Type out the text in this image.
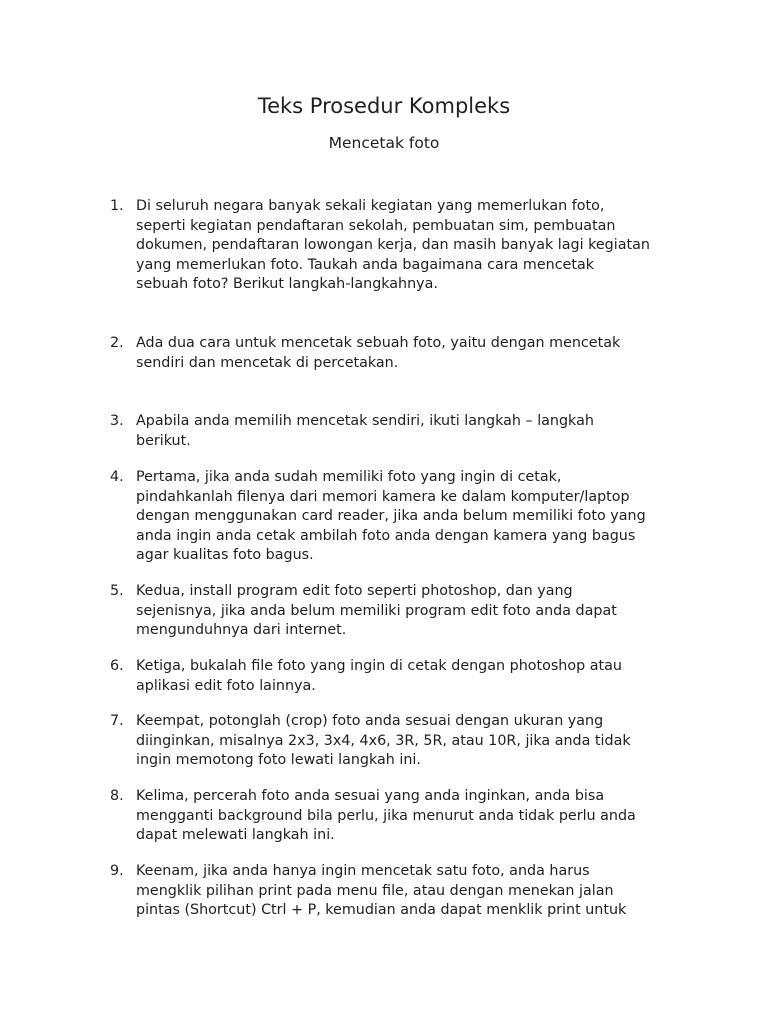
Teks Prosedur Kompleks
Mencetak foto
1. Di seluruh negara banyak sekali kegiatan yang memerlukan foto,
seperti kegiatan pendaftaran sekolah, pembuatan sim, pembuatan
dokumen, pendaftaran lowongan kerja, dan masih banyak lagi kegiatan
yang memerlukan foto. Taukah anda bagaimana cara mencetak
sebuah foto? Berikut langkah-langkahnya.
2. Ada dua cara untuk mencetak sebuah foto, yaitu dengan mencetak
sendiri dan mencetak di percetakan.
3. Apabila anda memilih mencetak sendiri, ikuti langkah – langkah
berikut.
4. Pertama, jika anda sudah memiliki foto yang ingin di cetak,
pindahkanlah filenya dari memori kamera ke dalam komputer/laptop
dengan menggunakan card reader, jika anda belum memiliki foto yang
anda ingin anda cetak ambilah foto anda dengan kamera yang bagus
agar kualitas foto bagus.
5. Kedua, install program edit foto seperti photoshop, dan yang
sejenisnya, jika anda belum memiliki program edit foto anda dapat
mengunduhnya dari internet.
6. Ketiga, bukalah file foto yang ingin di cetak dengan photoshop atau
aplikasi edit foto lainnya.
7. Keempat, potonglah (crop) foto anda sesuai dengan ukuran yang
diinginkan, misalnya 2x3, 3x4, 4x6, 3R, 5R, atau 10R, jika anda tidak
ingin memotong foto lewati langkah ini.
8. Kelima, percerah foto anda sesuai yang anda inginkan, anda bisa
mengganti background bila perlu, jika menurut anda tidak perlu anda
dapat melewati langkah ini.
9. Keenam, jika anda hanya ingin mencetak satu foto, anda harus
mengklik pilihan print pada menu file, atau dengan menekan jalan
pintas (Shortcut) Ctrl + P, kemudian anda dapat menklik print untuk
